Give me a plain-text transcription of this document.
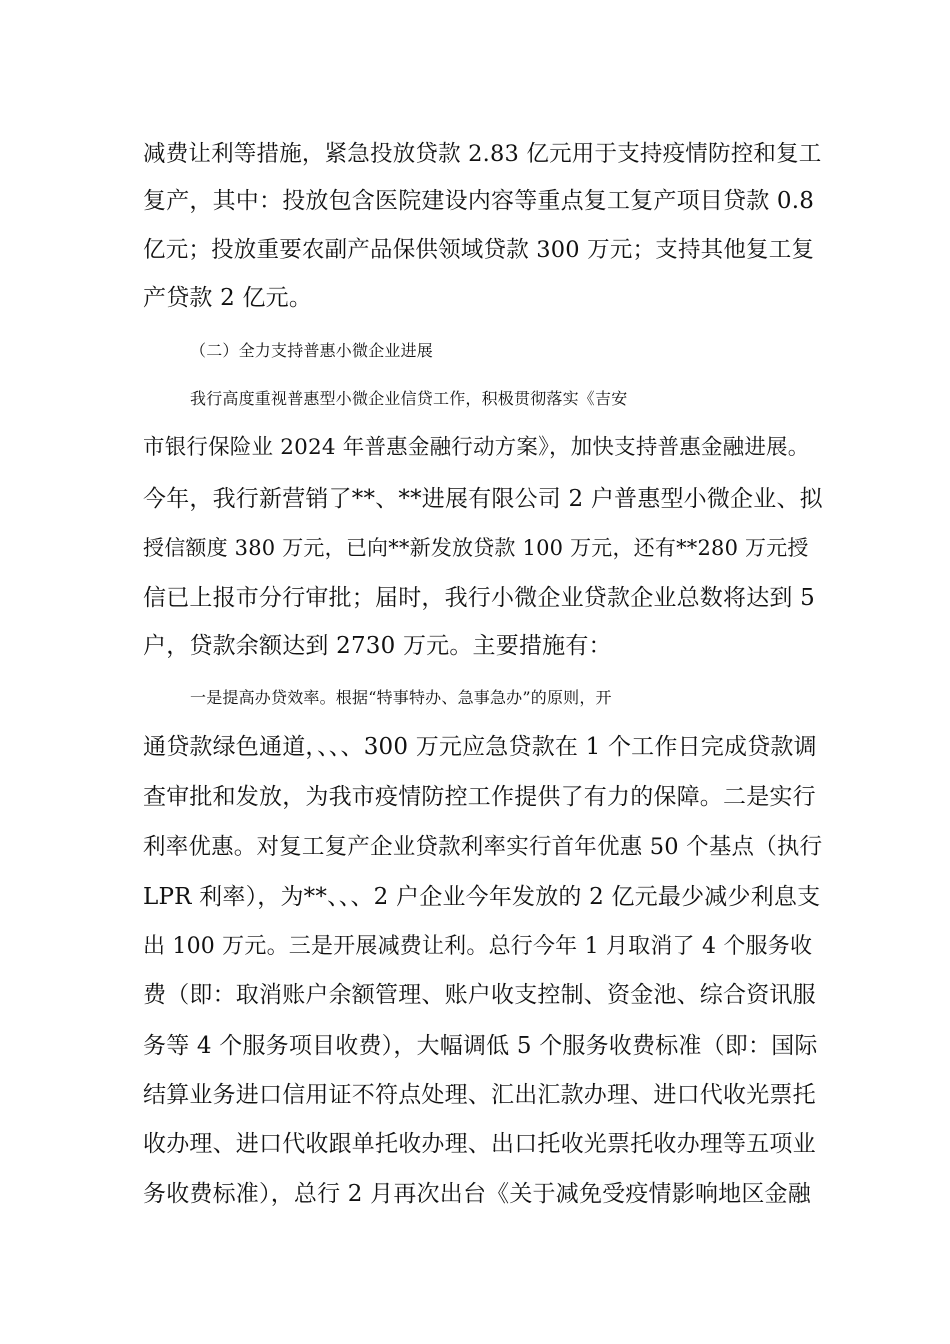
减费让利等措施，紧急投放贷款 2.83 亿元用于支持疫情防控和复工
复产，其中：投放包含医院建设内容等重点复工复产项目贷款 0.8
亿元；投放重要农副产品保供领域贷款 300 万元；支持其他复工复
产贷款 2 亿元。
（二）全力支持普惠小微企业进展
我行高度重视普惠型小微企业信贷工作，积极贯彻落实《吉安
市银行保险业 2024 年普惠金融行动方案》，加快支持普惠金融进展。
今年，我行新营销了**、**进展有限公司 2 户普惠型小微企业、拟
授信额度 380 万元，已向**新发放贷款 100 万元，还有**280 万元授
信已上报市分行审批；届时，我行小微企业贷款企业总数将达到 5
户，贷款余额达到 2730 万元。主要措施有：
一是提高办贷效率。根据“特事特办、急事急办”的原则，开
通贷款绿色通道，、、、300 万元应急贷款在 1 个工作日完成贷款调
查审批和发放，为我市疫情防控工作提供了有力的保障。二是实行
利率优惠。对复工复产企业贷款利率实行首年优惠 50 个基点（执行
LPR 利率），为**、、、2 户企业今年发放的 2 亿元最少减少利息支
出 100 万元。三是开展减费让利。总行今年 1 月取消了 4 个服务收
费（即：取消账户余额管理、账户收支控制、资金池、综合资讯服
务等 4 个服务项目收费），大幅调低 5 个服务收费标准（即：国际
结算业务进口信用证不符点处理、汇出汇款办理、进口代收光票托
收办理、进口代收跟单托收办理、出口托收光票托收办理等五项业
务收费标准），总行 2 月再次出台《关于减免受疫情影响地区金融
